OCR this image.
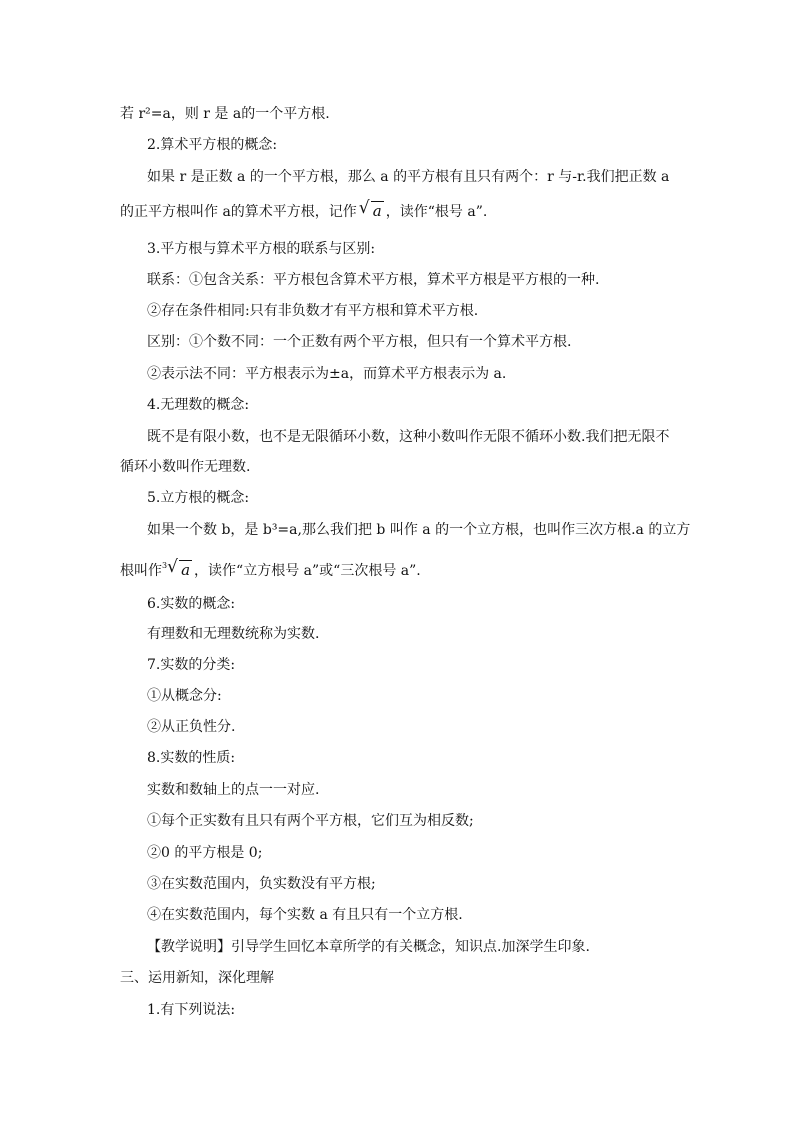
若 r²=a，则 r 是 a的一个平方根.
2.算术平方根的概念:
如果 r 是正数 a 的一个平方根，那么 a 的平方根有且只有两个：r 与-r.我们把正数 a
的正平方根叫作 a的算术平方根，记作 √ a ，读作“根号 a”.
3.平方根与算术平方根的联系与区别:
联系：①包含关系：平方根包含算术平方根，算术平方根是平方根的一种.
②存在条件相同:只有非负数才有平方根和算术平方根.
区别：①个数不同：一个正数有两个平方根，但只有一个算术平方根.
②表示法不同：平方根表示为±a，而算术平方根表示为 a.
4.无理数的概念:
既不是有限小数，也不是无限循环小数，这种小数叫作无限不循环小数.我们把无限不
循环小数叫作无理数.
5.立方根的概念:
如果一个数 b，是 b³=a,那么我们把 b 叫作 a 的一个立方根，也叫作三次方根.a 的立方
根叫作$^3$ √ a ，读作“立方根号 a”或“三次根号 a”.
6.实数的概念:
有理数和无理数统称为实数.
7.实数的分类:
①从概念分:
②从正负性分.
8.实数的性质:
实数和数轴上的点一一对应.
①每个正实数有且只有两个平方根，它们互为相反数;
②0 的平方根是 0;
③在实数范围内，负实数没有平方根;
④在实数范围内，每个实数 a 有且只有一个立方根.
【教学说明】引导学生回忆本章所学的有关概念，知识点.加深学生印象.
三、运用新知，深化理解
1.有下列说法:
